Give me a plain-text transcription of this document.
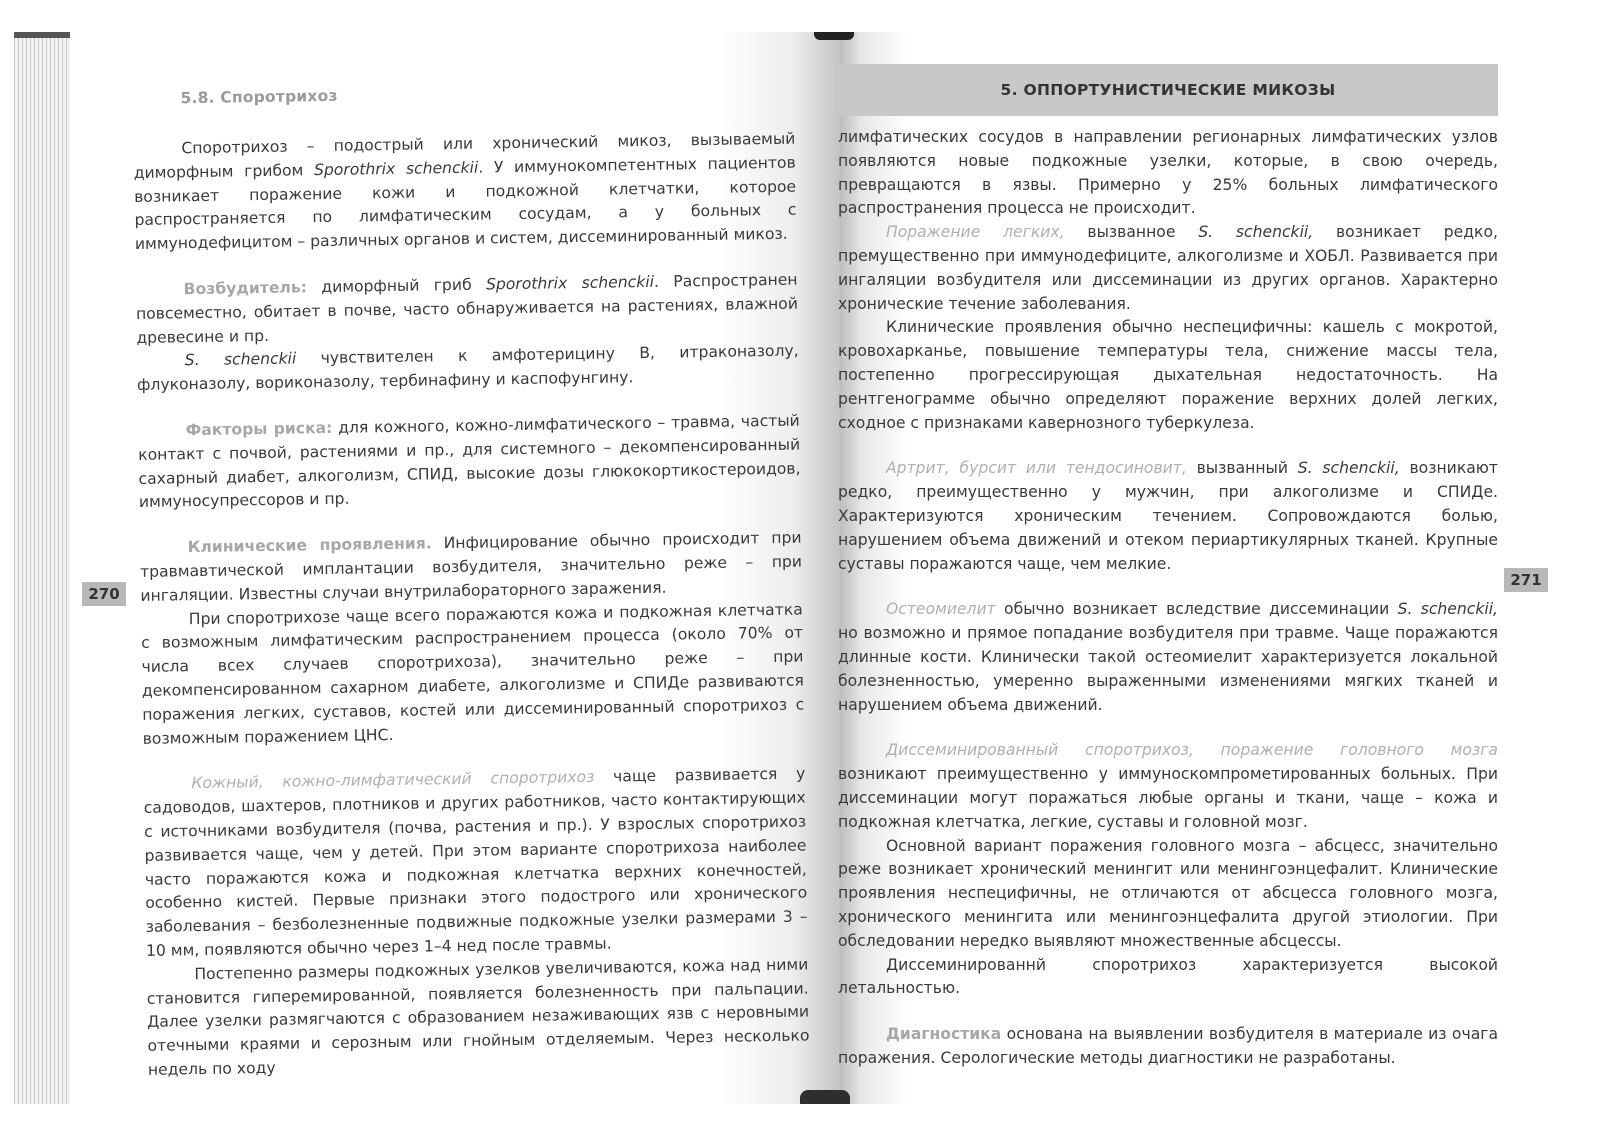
270
271
5.8. Споротрихоз

Споротрихоз – подострый или хронический микоз, вызываемый диморфным грибом Sporothrix schenckii. У иммунокомпетентных пациентов возникает поражение кожи и подкожной клетчатки, которое распространяется по лимфатическим сосудам, а у больных с иммунодефицитом – различных органов и систем, диссеминированный микоз.

Возбудитель: диморфный гриб Sporothrix schenckii. Распространен повсеместно, обитает в почве, часто обнаруживается на растениях, влажной древесине и пр.

S. schenckii чувствителен к амфотерицину В, итраконазолу, флуконазолу, вориконазолу, тербинафину и каспофунгину.

Факторы риска: для кожного, кожно-лимфатического – травма, частый контакт с почвой, растениями и пр., для системного – декомпенсированный сахарный диабет, алкоголизм, СПИД, высокие дозы глюкокортикостероидов, иммуносупрессоров и пр.

Клинические проявления. Инфицирование обычно происходит при травмавтической имплантации возбудителя, значительно реже – при ингаляции. Известны случаи внутрилабораторного заражения.

При споротрихозе чаще всего поражаются кожа и подкожная клетчатка с возможным лимфатическим распространением процесса (около 70% от числа всех случаев споротрихоза), значительно реже – при декомпенсированном сахарном диабете, алкоголизме и СПИДе развиваются поражения легких, суставов, костей или диссеминированный споротрихоз с возможным поражением ЦНС.

Кожный, кожно-лимфатический споротрихоз чаще развивается у садоводов, шахтеров, плотников и других работников, часто контактирующих с источниками возбудителя (почва, растения и пр.). У взрослых споротрихоз развивается чаще, чем у детей. При этом варианте споротрихоза наиболее часто поражаются кожа и подкожная клетчатка верхних конечностей, особенно кистей. Первые признаки этого подострого или хронического заболевания – безболезненные подвижные подкожные узелки размерами 3 – 10 мм, появляются обычно через 1–4 нед после травмы.

Постепенно размеры подкожных узелков увеличиваются, кожа над ними становится гиперемированной, появляется болезненность при пальпации. Далее узелки размягчаются с образованием незаживающих язв с неровными отечными краями и серозным или гнойным отделяемым. Через несколько недель по ходу

5. ОППОРТУНИСТИЧЕСКИЕ МИКОЗЫ

лимфатических сосудов в направлении регионарных лимфатических узлов появляются новые подкожные узелки, которые, в свою очередь, превращаются в язвы. Примерно у 25% больных лимфатического распространения процесса не происходит.

Поражение легких, вызванное S. schenckii, возникает редко, премущественно при иммунодефиците, алкоголизме и ХОБЛ. Развивается при ингаляции возбудителя или диссеминации из других органов. Характерно хронические течение заболевания.

Клинические проявления обычно неспецифичны: кашель с мокротой, кровохарканье, повышение температуры тела, снижение массы тела, постепенно прогрессирующая дыхательная недостаточность. На рентгенограмме обычно определяют поражение верхних долей легких, сходное с признаками кавернозного туберкулеза.

Артрит, бурсит или тендосиновит, вызванный S. schenckii, возникают редко, преимущественно у мужчин, при алкоголизме и СПИДе. Характеризуются хроническим течением. Сопровождаются болью, нарушением объема движений и отеком периартикулярных тканей. Крупные суставы поражаются чаще, чем мелкие.

Остеомиелит обычно возникает вследствие диссеминации S. schenckii, но возможно и прямое попадание возбудителя при травме. Чаще поражаются длинные кости. Клинически такой остеомиелит характеризуется локальной болезненностью, умеренно выраженными изменениями мягких тканей и нарушением объема движений.

Диссеминированный споротрихоз, поражение головного мозга возникают преимущественно у иммуноскомпрометированных больных. При диссеминации могут поражаться любые органы и ткани, чаще – кожа и подкожная клетчатка, легкие, суставы и головной мозг.

Основной вариант поражения головного мозга – абсцесс, значительно реже возникает хронический менингит или менингоэнцефалит. Клинические проявления неспецифичны, не отличаются от абсцесса головного мозга, хронического менингита или менингоэнцефалита другой этиологии. При обследовании нередко выявляют множественные абсцессы.

Диссеминированнй споротрихоз характеризуется высокой летальностью.

Диагностика основана на выявлении возбудителя в материале из очага поражения. Серологические методы диагностики не разработаны.
